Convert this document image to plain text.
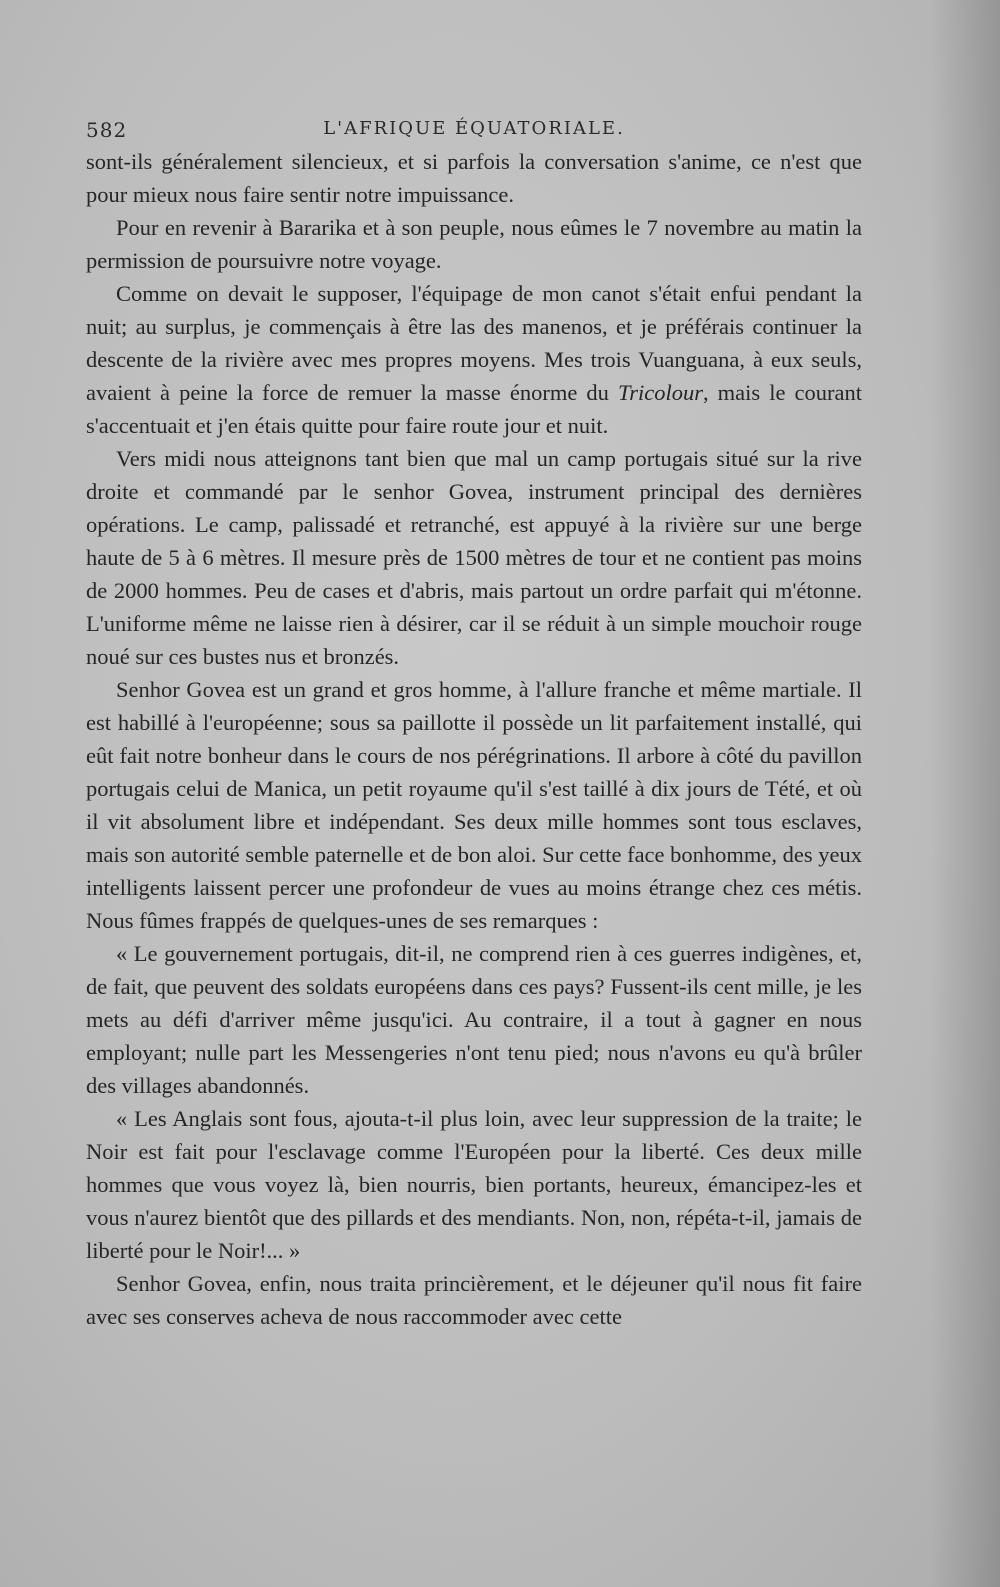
582	L'AFRIQUE ÉQUATORIALE.

sont-ils généralement silencieux, et si parfois la conversation s'anime, ce n'est que pour mieux nous faire sentir notre impuissance.

Pour en revenir à Bararika et à son peuple, nous eûmes le 7 novembre au matin la permission de poursuivre notre voyage.

Comme on devait le supposer, l'équipage de mon canot s'était enfui pendant la nuit; au surplus, je commençais à être las des manenos, et je préférais continuer la descente de la rivière avec mes propres moyens. Mes trois Vuanguana, à eux seuls, avaient à peine la force de remuer la masse énorme du Tricolour, mais le courant s'accentuait et j'en étais quitte pour faire route jour et nuit.

Vers midi nous atteignons tant bien que mal un camp portugais situé sur la rive droite et commandé par le senhor Govea, instrument principal des dernières opérations. Le camp, palissadé et retranché, est appuyé à la rivière sur une berge haute de 5 à 6 mètres. Il mesure près de 1500 mètres de tour et ne contient pas moins de 2000 hommes. Peu de cases et d'abris, mais partout un ordre parfait qui m'étonne. L'uniforme même ne laisse rien à désirer, car il se réduit à un simple mouchoir rouge noué sur ces bustes nus et bronzés.

Senhor Govea est un grand et gros homme, à l'allure franche et même martiale. Il est habillé à l'européenne; sous sa paillotte il possède un lit parfaitement installé, qui eût fait notre bonheur dans le cours de nos pérégrinations. Il arbore à côté du pavillon portugais celui de Manica, un petit royaume qu'il s'est taillé à dix jours de Tété, et où il vit absolument libre et indépendant. Ses deux mille hommes sont tous esclaves, mais son autorité semble paternelle et de bon aloi. Sur cette face bonhomme, des yeux intelligents laissent percer une profondeur de vues au moins étrange chez ces métis. Nous fûmes frappés de quelques-unes de ses remarques :

« Le gouvernement portugais, dit-il, ne comprend rien à ces guerres indigènes, et, de fait, que peuvent des soldats européens dans ces pays? Fussent-ils cent mille, je les mets au défi d'arriver même jusqu'ici. Au contraire, il a tout à gagner en nous employant; nulle part les Messengeries n'ont tenu pied; nous n'avons eu qu'à brûler des villages abandonnés.

« Les Anglais sont fous, ajouta-t-il plus loin, avec leur suppression de la traite; le Noir est fait pour l'esclavage comme l'Européen pour la liberté. Ces deux mille hommes que vous voyez là, bien nourris, bien portants, heureux, émancipez-les et vous n'aurez bientôt que des pillards et des mendiants. Non, non, répéta-t-il, jamais de liberté pour le Noir!... »

Senhor Govea, enfin, nous traita princièrement, et le déjeuner qu'il nous fit faire avec ses conserves acheva de nous raccommoder avec cette
